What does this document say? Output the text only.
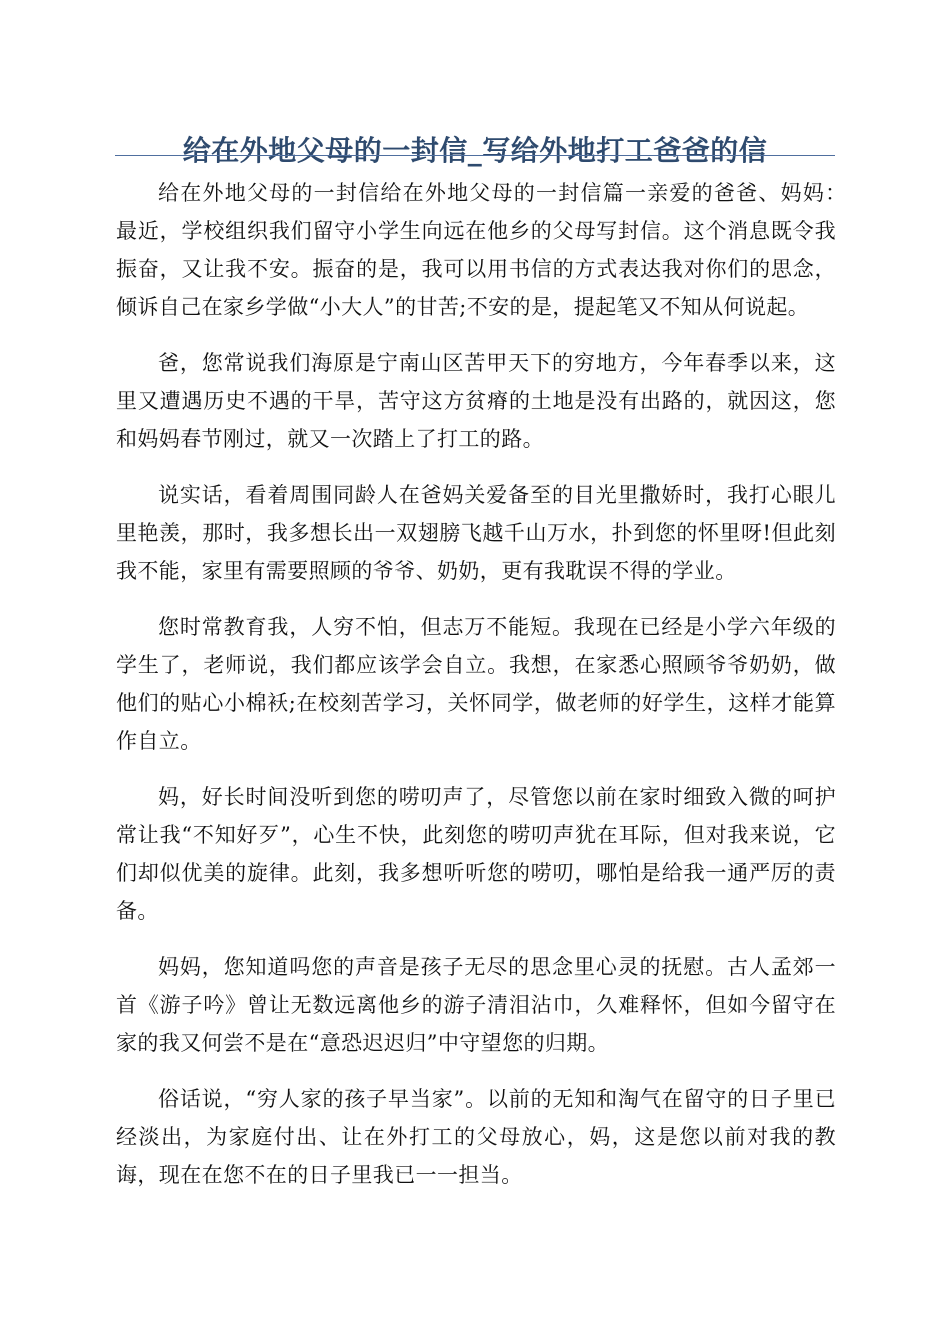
给在外地父母的一封信_写给外地打工爸爸的信

给在外地父母的一封信给在外地父母的一封信篇一亲爱的爸爸、妈妈：　最近，学校组织我们留守小学生向远在他乡的父母写封信。这个消息既令我振奋，又让我不安。振奋的是，我可以用书信的方式表达我对你们的思念，倾诉自己在家乡学做“小大人”的甘苦;不安的是，提起笔又不知从何说起。

爸，您常说我们海原是宁南山区苦甲天下的穷地方，今年春季以来，这里又遭遇历史不遇的干旱，苦守这方贫瘠的土地是没有出路的，就因这，您和妈妈春节刚过，就又一次踏上了打工的路。

说实话，看着周围同龄人在爸妈关爱备至的目光里撒娇时，我打心眼儿里艳羡，那时，我多想长出一双翅膀飞越千山万水，扑到您的怀里呀!但此刻我不能，家里有需要照顾的爷爷、奶奶，更有我耽误不得的学业。

您时常教育我，人穷不怕，但志万不能短。我现在已经是小学六年级的学生了，老师说，我们都应该学会自立。我想，在家悉心照顾爷爷奶奶，做他们的贴心小棉袄;在校刻苦学习，关怀同学，做老师的好学生，这样才能算作自立。

妈，好长时间没听到您的唠叨声了，尽管您以前在家时细致入微的呵护常让我“不知好歹”，心生不快，此刻您的唠叨声犹在耳际，但对我来说，它们却似优美的旋律。此刻，我多想听听您的唠叨，哪怕是给我一通严厉的责备。

妈妈，您知道吗您的声音是孩子无尽的思念里心灵的抚慰。古人孟郊一首《游子吟》曾让无数远离他乡的游子清泪沾巾，久难释怀，但如今留守在家的我又何尝不是在“意恐迟迟归”中守望您的归期。

俗话说，“穷人家的孩子早当家”。以前的无知和淘气在留守的日子里已经淡出，为家庭付出、让在外打工的父母放心，妈，这是您以前对我的教诲，现在在您不在的日子里我已一一担当。
